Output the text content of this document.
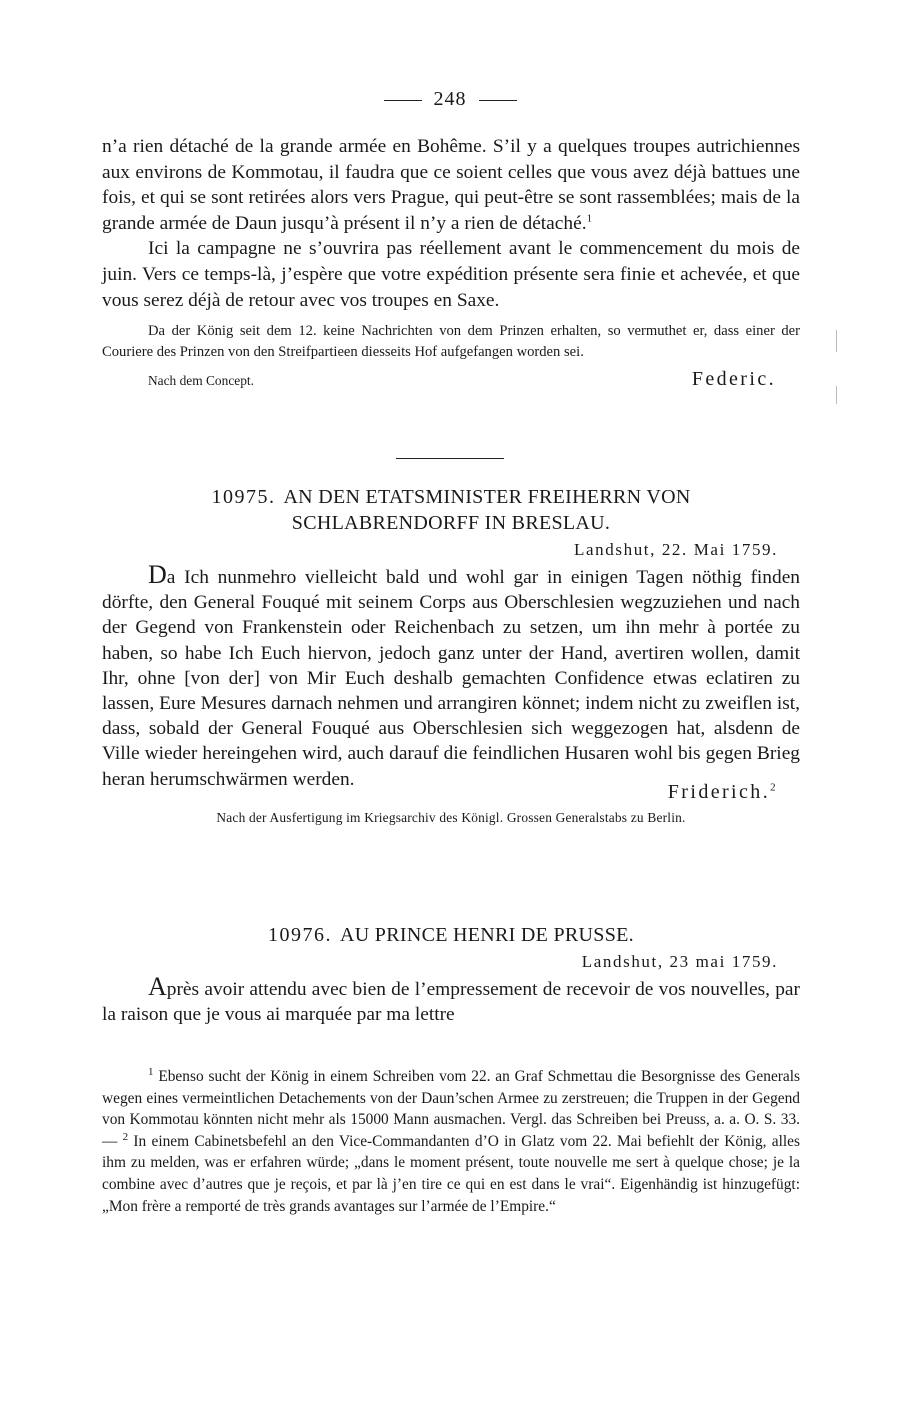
248

n’a rien détaché de la grande armée en Bohême. S’il y a quelques troupes autrichiennes aux environs de Kommotau, il faudra que ce soient celles que vous avez déjà battues une fois, et qui se sont retirées alors vers Prague, qui peut-être se sont rassemblées; mais de la grande armée de Daun jusqu’à présent il n’y a rien de détaché.$^1$

Ici la campagne ne s’ouvrira pas réellement avant le commencement du mois de juin. Vers ce temps-là, j’espère que votre expédition présente sera finie et achevée, et que vous serez déjà de retour avec vos troupes en Saxe.

Da der König seit dem 12. keine Nachrichten von dem Prinzen erhalten, so vermuthet er, dass einer der Couriere des Prinzen von den Streifpartieen diesseits Hof aufgefangen worden sei.

Nach dem Concept.	Federic.

10975. AN DEN ETATSMINISTER FREIHERRN VON

SCHLABRENDORFF IN BRESLAU.

Landshut, 22. Mai 1759.

Da Ich nunmehro vielleicht bald und wohl gar in einigen Tagen nöthig finden dörfte, den General Fouqué mit seinem Corps aus Oberschlesien wegzuziehen und nach der Gegend von Frankenstein oder Reichenbach zu setzen, um ihn mehr à portée zu haben, so habe Ich Euch hiervon, jedoch ganz unter der Hand, avertiren wollen, damit Ihr, ohne [von der] von Mir Euch deshalb gemachten Confidence etwas eclatiren zu lassen, Eure Mesures darnach nehmen und arrangiren könnet; indem nicht zu zweiflen ist, dass, sobald der General Fouqué aus Oberschlesien sich weggezogen hat, alsdenn de Ville wieder hereingehen wird, auch darauf die feindlichen Husaren wohl bis gegen Brieg heran herumschwärmen werden.

Friderich.$^2$

Nach der Ausfertigung im Kriegsarchiv des Königl. Grossen Generalstabs zu Berlin.

10976. AU PRINCE HENRI DE PRUSSE.

Landshut, 23 mai 1759.

Après avoir attendu avec bien de l’empressement de recevoir de vos nouvelles, par la raison que je vous ai marquée par ma lettre

$^1$ Ebenso sucht der König in einem Schreiben vom 22. an Graf Schmettau die Besorgnisse des Generals wegen eines vermeintlichen Detachements von der Daun’schen Armee zu zerstreuen; die Truppen in der Gegend von Kommotau könnten nicht mehr als 15000 Mann ausmachen. Vergl. das Schreiben bei Preuss, a. a. O. S. 33. — $^2$ In einem Cabinetsbefehl an den Vice-Commandanten d’O in Glatz vom 22. Mai befiehlt der König, alles ihm zu melden, was er erfahren würde; „dans le moment présent, toute nouvelle me sert à quelque chose; je la combine avec d’autres que je reçois, et par là j’en tire ce qui en est dans le vrai“. Eigenhändig ist hinzugefügt: „Mon frère a remporté de très grands avantages sur l’armée de l’Empire.“
